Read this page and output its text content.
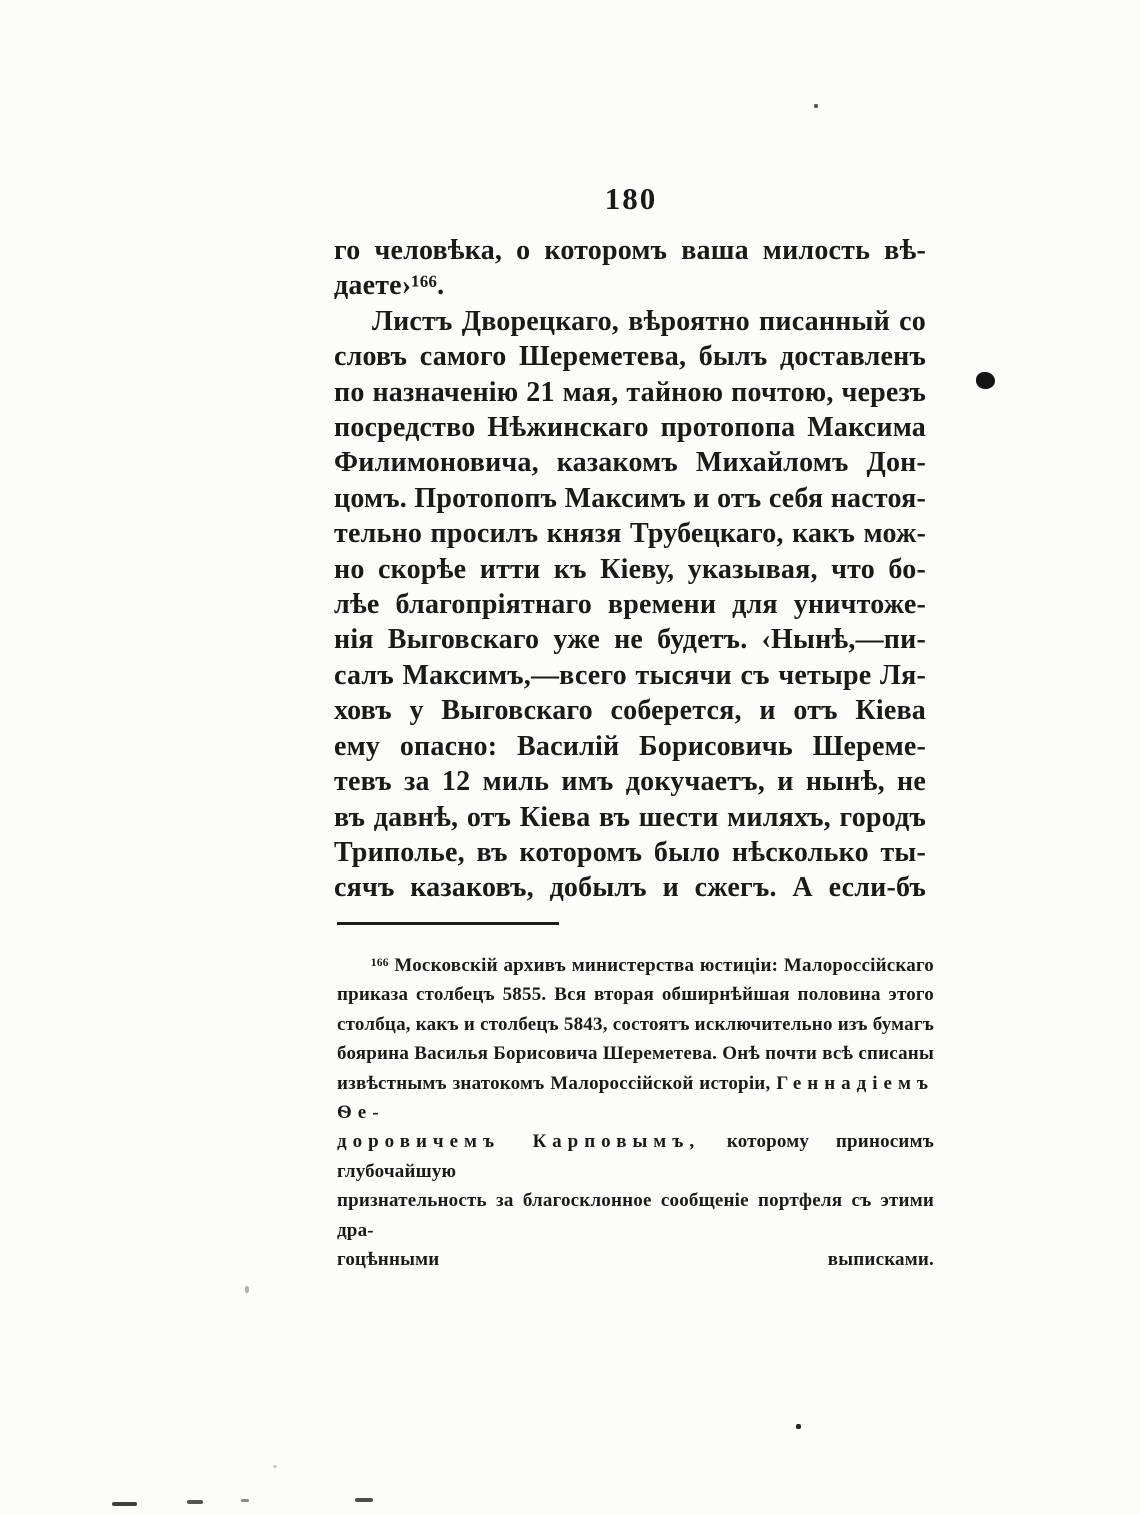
180
го человѣка, о которомъ ваша милость вѣ-
даете›¹⁶⁶.
Листъ Дворецкаго, вѣроятно писанный со
словъ самого Шереметева, былъ доставленъ
по назначенію 21 мая, тайною почтою, черезъ
посредство Нѣжинскаго протопопа Максима
Филимоновича, казакомъ Михайломъ Дон-
цомъ. Протопопъ Максимъ и отъ себя настоя-
тельно просилъ князя Трубецкаго, какъ мож-
но скорѣе итти къ Кіеву, указывая, что бо-
лѣе благопріятнаго времени для уничтоже-
нія Выговскаго уже не будетъ. ‹Нынѣ,—пи-
салъ Максимъ,—всего тысячи съ четыре Ля-
ховъ у Выговскаго соберется, и отъ Кіева
ему опасно: Василій Борисовичь Шереме-
тевъ за 12 миль имъ докучаетъ, и нынѣ, не
въ давнѣ, отъ Кіева въ шести миляхъ, городъ
Триполье, въ которомъ было нѣсколько ты-
сячъ казаковъ, добылъ и сжегъ. А если-бъ
¹⁶⁶ Московскій архивъ министерства юстиціи: Малороссійскаго
приказа столбецъ 5855. Вся вторая обширнѣйшая половина этого
столбца, какъ и столбецъ 5843, состоятъ исключительно изъ бумагъ
боярина Василья Борисовича Шереметева. Онѣ почти всѣ списаны
извѣстнымъ знатокомъ Малороссійской исторіи, Геннадіемъ Ѳе-
доровичемъ Карповымъ, которому приносимъ глубочайшую
признательность за благосклонное сообщеніе портфеля съ этими дра-
гоцѣнными выписками.
